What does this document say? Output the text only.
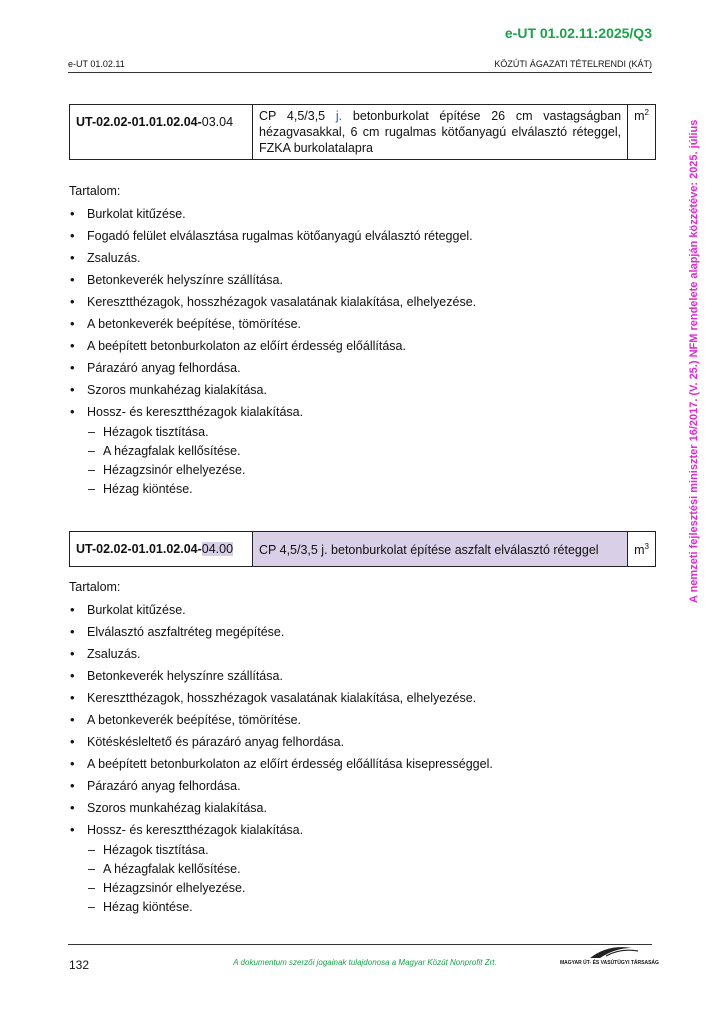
e-UT 01.02.11:2025/Q3
e-UT 01.02.11	KÖZÚTI ÁGAZATI TÉTELRENDI (KÁT)
A nemzeti fejlesztési miniszter 16/2017. (V. 25.) NFM rendelete alapján közzétéve: 2025. július
UT-02.02-01.01.02.04-03.04	CP 4,5/3,5 j. betonburkolat építése 26 cm vastagságban hézagvasakkal, 6 cm rugalmas kötőanyagú elválasztó réteggel, FZKA burkolatalapra	$m^2$
Tartalom:
• Burkolat kitűzése.
• Fogadó felület elválasztása rugalmas kötőanyagú elválasztó réteggel.
• Zsaluzás.
• Betonkeverék helyszínre szállítása.
• Keresztthézagok, hosszhézagok vasalatának kialakítása, elhelyezése.
• A betonkeverék beépítése, tömörítése.
• A beépített betonburkolaton az előírt érdesség előállítása.
• Párazáró anyag felhordása.
• Szoros munkahézag kialakítása.
• Hossz- és keresztthézagok kialakítása.
– Hézagok tisztítása.
– A hézagfalak kellősítése.
– Hézagzsinór elhelyezése.
– Hézag kiöntése.
UT-02.02-01.01.02.04-04.00	CP 4,5/3,5 j. betonburkolat építése aszfalt elválasztó réteggel	$m^3$
Tartalom:
• Burkolat kitűzése.
• Elválasztó aszfaltréteg megépítése.
• Zsaluzás.
• Betonkeverék helyszínre szállítása.
• Keresztthézagok, hosszhézagok vasalatának kialakítása, elhelyezése.
• A betonkeverék beépítése, tömörítése.
• Kötéskésleltető és párazáró anyag felhordása.
• A beépített betonburkolaton az előírt érdesség előállítása kiseprességgel.
• Párazáró anyag felhordása.
• Szoros munkahézag kialakítása.
• Hossz- és keresztthézagok kialakítása.
– Hézagok tisztítása.
– A hézagfalak kellősítése.
– Hézagzsinór elhelyezése.
– Hézag kiöntése.
132	A dokumentum szerzői jogainak tulajdonosa a Magyar Közút Nonprofit Zrt.	MAGYAR ÚT- ÉS VASÚTÜGYI TÁRSASÁG
